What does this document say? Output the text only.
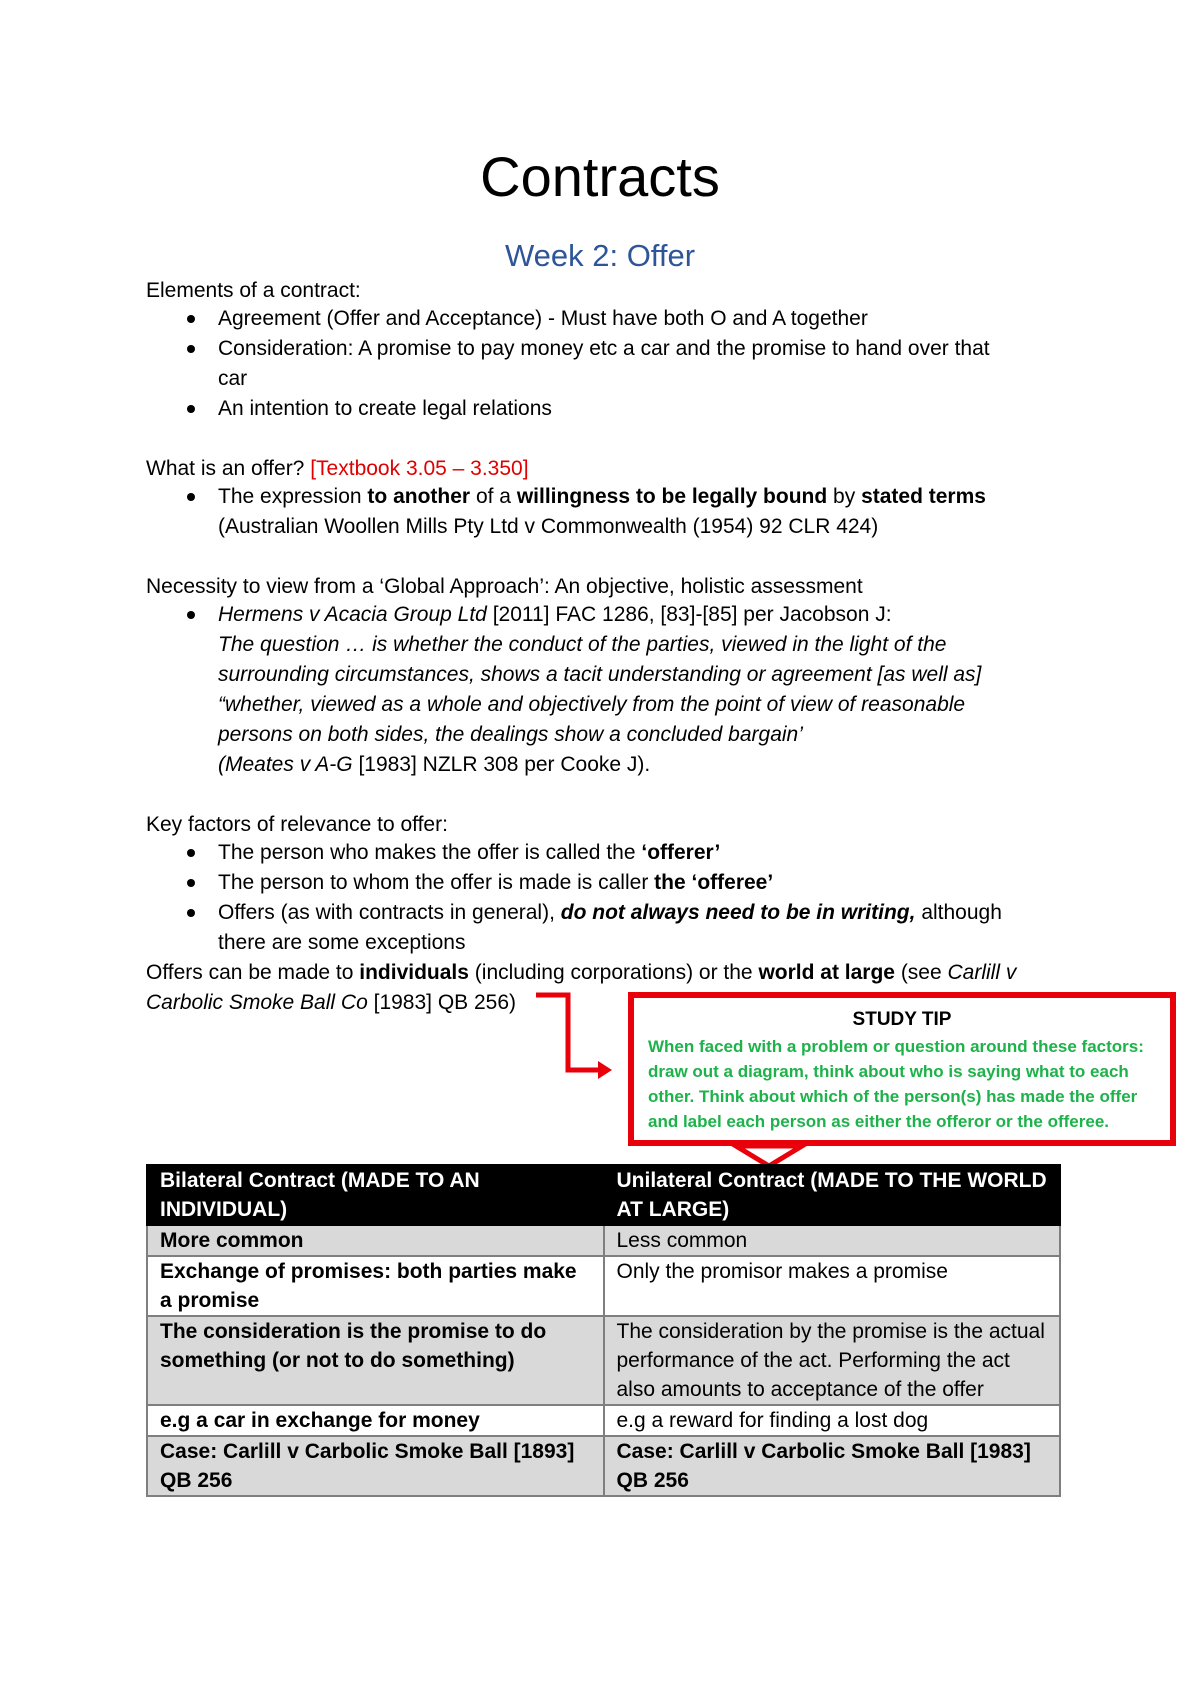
Contracts
Week 2: Offer
Elements of a contract:
Agreement (Offer and Acceptance) - Must have both O and A together
Consideration: A promise to pay money etc a car and the promise to hand over that
car
An intention to create legal relations
What is an offer? [Textbook 3.05 – 3.350]
The expression to another of a willingness to be legally bound by stated terms
(Australian Woollen Mills Pty Ltd v Commonwealth (1954) 92 CLR 424)
Necessity to view from a ‘Global Approach’: An objective, holistic assessment
Hermens v Acacia Group Ltd [2011] FAC 1286, [83]-[85] per Jacobson J:
The question … is whether the conduct of the parties, viewed in the light of the
surrounding circumstances, shows a tacit understanding or agreement [as well as]
“whether, viewed as a whole and objectively from the point of view of reasonable
persons on both sides, the dealings show a concluded bargain’
(Meates v A-G [1983] NZLR 308 per Cooke J).
Key factors of relevance to offer:
The person who makes the offer is called the ‘offerer’
The person to whom the offer is made is caller the ‘offeree’
Offers (as with contracts in general), do not always need to be in writing, although
there are some exceptions
Offers can be made to individuals (including corporations) or the world at large (see Carlill v
Carbolic Smoke Ball Co [1983] QB 256)
STUDY TIP
When faced with a problem or question around these factors:
draw out a diagram, think about who is saying what to each
other. Think about which of the person(s) has made the offer
and label each person as either the offeror or the offeree.
Bilateral Contract (MADE TO AN INDIVIDUAL)	Unilateral Contract (MADE TO THE WORLD AT LARGE)
More common	Less common
Exchange of promises: both parties make a promise	Only the promisor makes a promise
The consideration is the promise to do something (or not to do something)	The consideration by the promise is the actual performance of the act. Performing the act also amounts to acceptance of the offer
e.g a car in exchange for money	e.g a reward for finding a lost dog
Case: Carlill v Carbolic Smoke Ball [1893] QB 256	Case: Carlill v Carbolic Smoke Ball [1983] QB 256
